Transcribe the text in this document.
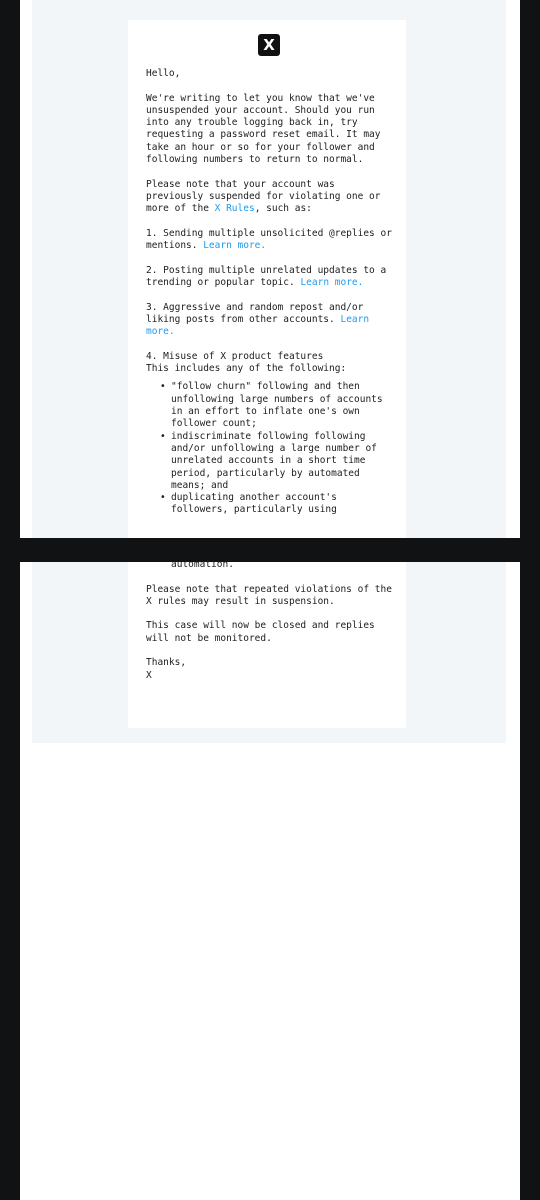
X

Hello,

We're writing to let you know that we've unsuspended your account. Should you run into any trouble logging back in, try requesting a password reset email. It may take an hour or so for your follower and following numbers to return to normal.

Please note that your account was previously suspended for violating one or more of the X Rules, such as:

1. Sending multiple unsolicited @replies or mentions. Learn more.

2. Posting multiple unrelated updates to a trending or popular topic. Learn more.

3. Aggressive and random repost and/or liking posts from other accounts. Learn more.

4. Misuse of X product features

This includes any of the following:

• "follow churn" following and then unfollowing large numbers of accounts in an effort to inflate one's own follower count;
• indiscriminate following following and/or unfollowing a large number of unrelated accounts in a short time period, particularly by automated means; and
• duplicating another account's followers, particularly using

automation.

Please note that repeated violations of the X rules may result in suspension.

This case will now be closed and replies will not be monitored.

Thanks,

X
